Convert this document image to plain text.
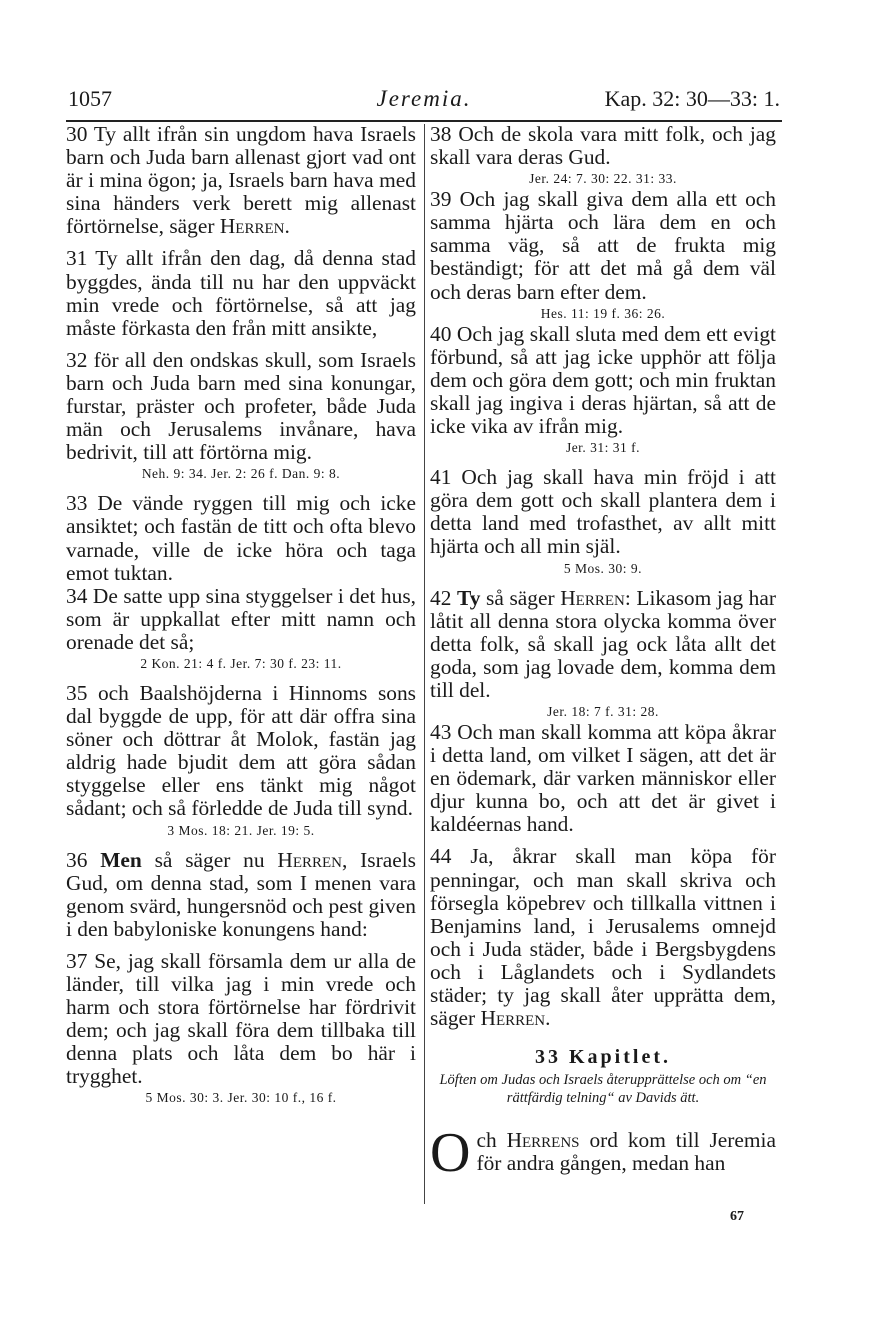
1057	Jeremia.	Kap. 32: 30—33: 1.

30 Ty allt ifrån sin ungdom hava Israels barn och Juda barn allenast gjort vad ont är i mina ögon; ja, Israels barn hava med sina händers verk berett mig allenast förtörnelse, säger Herren.

31 Ty allt ifrån den dag, då denna stad byggdes, ända till nu har den uppväckt min vrede och förtörnelse, så att jag måste förkasta den från mitt ansikte,

32 för all den ondskas skull, som Israels barn och Juda barn med sina konungar, furstar, präster och profeter, både Juda män och Jerusalems invånare, hava bedrivit, till att förtörna mig.

Neh. 9: 34. Jer. 2: 26 f. Dan. 9: 8.

33 De vände ryggen till mig och icke ansiktet; och fastän de titt och ofta blevo varnade, ville de icke höra och taga emot tuktan.

34 De satte upp sina styggelser i det hus, som är uppkallat efter mitt namn och orenade det så;

2 Kon. 21: 4 f. Jer. 7: 30 f. 23: 11.

35 och Baalshöjderna i Hinnoms sons dal byggde de upp, för att där offra sina söner och döttrar åt Molok, fastän jag aldrig hade bjudit dem att göra sådan styggelse eller ens tänkt mig något sådant; och så förledde de Juda till synd.

3 Mos. 18: 21. Jer. 19: 5.

36 Men så säger nu Herren, Israels Gud, om denna stad, som I menen vara genom svärd, hungersnöd och pest given i den babyloniske konungens hand:

37 Se, jag skall församla dem ur alla de länder, till vilka jag i min vrede och harm och stora förtörnelse har fördrivit dem; och jag skall föra dem tillbaka till denna plats och låta dem bo här i trygghet.

5 Mos. 30: 3. Jer. 30: 10 f., 16 f.

38 Och de skola vara mitt folk, och jag skall vara deras Gud.

Jer. 24: 7. 30: 22. 31: 33.

39 Och jag skall giva dem alla ett och samma hjärta och lära dem en och samma väg, så att de frukta mig beständigt; för att det må gå dem väl och deras barn efter dem.

Hes. 11: 19 f. 36: 26.

40 Och jag skall sluta med dem ett evigt förbund, så att jag icke upphör att följa dem och göra dem gott; och min fruktan skall jag ingiva i deras hjärtan, så att de icke vika av ifrån mig.

Jer. 31: 31 f.

41 Och jag skall hava min fröjd i att göra dem gott och skall plantera dem i detta land med trofasthet, av allt mitt hjärta och all min själ.

5 Mos. 30: 9.

42 Ty så säger Herren: Likasom jag har låtit all denna stora olycka komma över detta folk, så skall jag ock låta allt det goda, som jag lovade dem, komma dem till del.

Jer. 18: 7 f. 31: 28.

43 Och man skall komma att köpa åkrar i detta land, om vilket I sägen, att det är en ödemark, där varken människor eller djur kunna bo, och att det är givet i kaldéernas hand.

44 Ja, åkrar skall man köpa för penningar, och man skall skriva och försegla köpebrev och tillkalla vittnen i Benjamins land, i Jerusalems omnejd och i Juda städer, både i Bergsbygdens och i Låglandets och i Sydlandets städer; ty jag skall åter upprätta dem, säger Herren.

33 Kapitlet.

Löften om Judas och Israels återupprättelse och om “en rättfärdig telning“ av Davids ätt.

Och Herrens ord kom till Jeremia för andra gången, medan han

67
